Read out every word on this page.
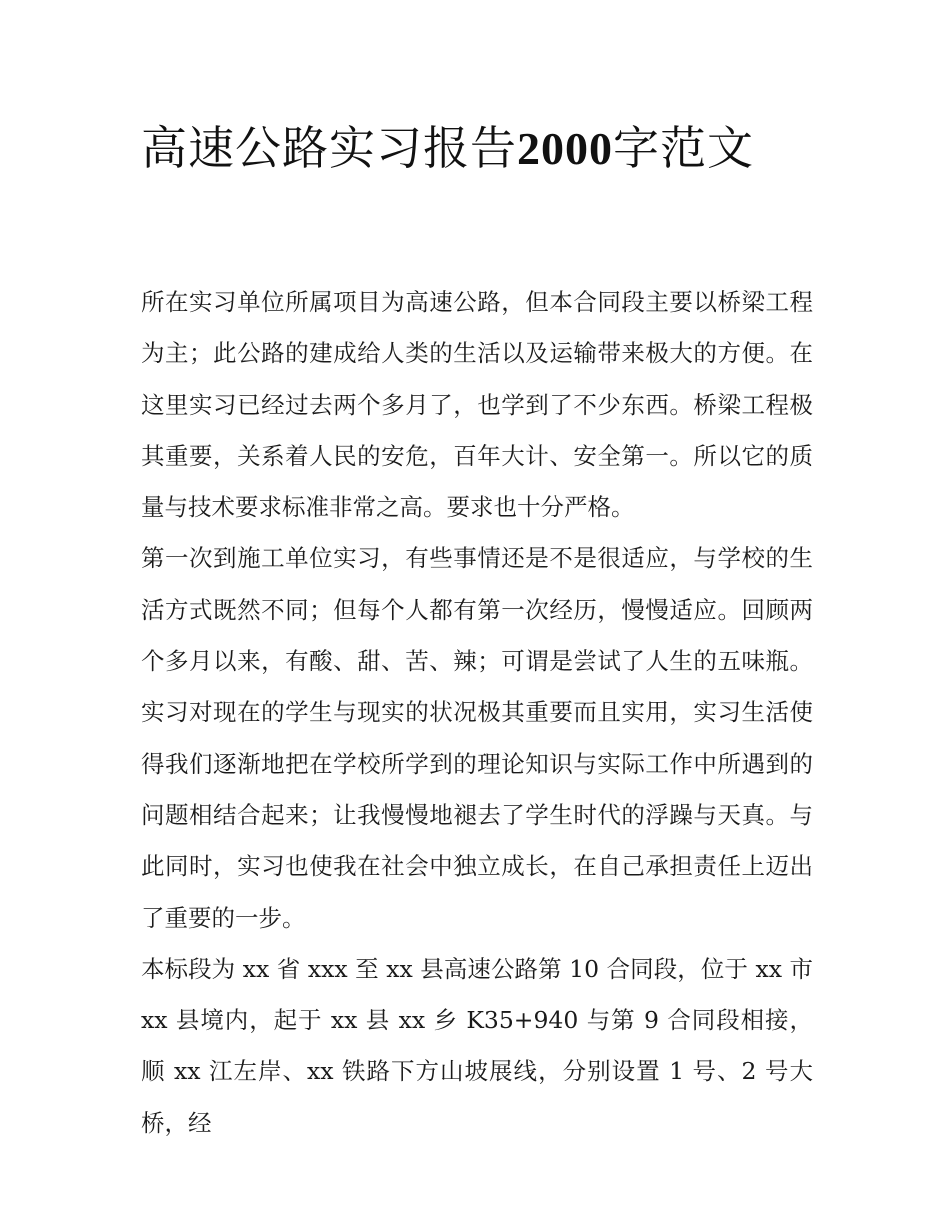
高速公路实习报告2000字范文

所在实习单位所属项目为高速公路，但本合同段主要以桥梁工程为主；此公路的建成给人类的生活以及运输带来极大的方便。在这里实习已经过去两个多月了，也学到了不少东西。桥梁工程极其重要，关系着人民的安危，百年大计、安全第一。所以它的质量与技术要求标准非常之高。要求也十分严格。

第一次到施工单位实习，有些事情还是不是很适应，与学校的生活方式既然不同；但每个人都有第一次经历，慢慢适应。回顾两个多月以来，有酸、甜、苦、辣；可谓是尝试了人生的五味瓶。实习对现在的学生与现实的状况极其重要而且实用，实习生活使得我们逐渐地把在学校所学到的理论知识与实际工作中所遇到的问题相结合起来；让我慢慢地褪去了学生时代的浮躁与天真。与此同时，实习也使我在社会中独立成长，在自己承担责任上迈出了重要的一步。

本标段为 xx 省 xxx 至 xx 县高速公路第 10 合同段，位于 xx 市 xx 县境内，起于 xx 县 xx 乡 K35+940 与第 9 合同段相接，顺 xx 江左岸、xx 铁路下方山坡展线，分别设置 1 号、2 号大桥，经
